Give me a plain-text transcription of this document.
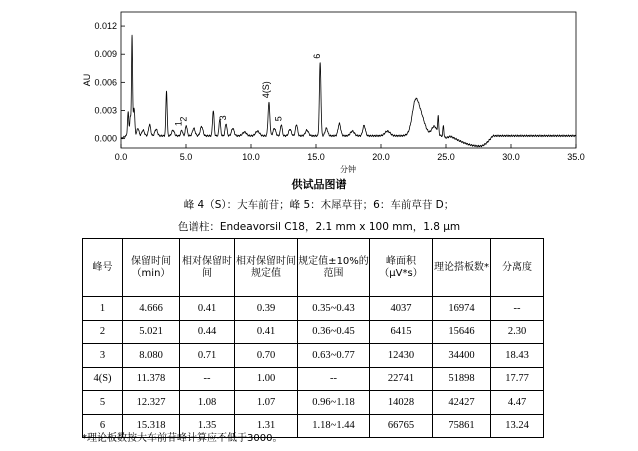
0.0	5.0	10.0	15.0	20.0	25.0	30.0	35.0
0.000
0.003
0.006
0.009
0.012
1
2	3
4(S)
5
6
AU
分钟
供试品图谱
峰 4（S）：大车前苷；峰 5：木犀草苷；6：车前草苷 D；
色谱柱：Endeavorsil C18，2.1 mm x 100 mm，1.8 μm
峰号	保留时间（min）	相对保留时间	相对保留时间规定值	规定值±10%的范围	峰面积（μV*s）	理论搭板数*	分离度
1	4.666	0.41	0.39	0.35~0.43	4037	16974	--
2	5.021	0.44	0.41	0.36~0.45	6415	15646	2.30
3	8.080	0.71	0.70	0.63~0.77	12430	34400	18.43
4(S)	11.378	--	1.00	--	22741	51898	17.77
5	12.327	1.08	1.07	0.96~1.18	14028	42427	4.47
6	15.318	1.35	1.31	1.18~1.44	66765	75861	13.24
*理论板数按大车前苷峰计算应不低于3000。
